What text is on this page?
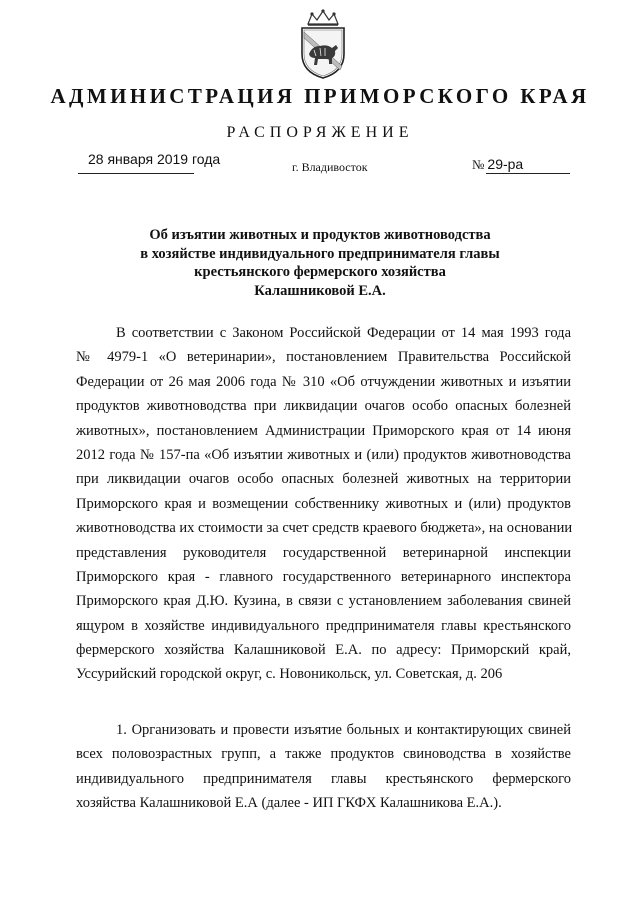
АДМИНИСТРАЦИЯ ПРИМОРСКОГО КРАЯ
РАСПОРЯЖЕНИЕ
28 января 2019 года	г. Владивосток	№ 29-ра
Об изъятии животных и продуктов животноводства
в хозяйстве индивидуального предпринимателя главы
крестьянского фермерского хозяйства
Калашниковой Е.А.
В соответствии с Законом Российской Федерации от 14 мая 1993 года
№ 4979-1 «О ветеринарии», постановлением Правительства Российской
Федерации от 26 мая 2006 года № 310 «Об отчуждении животных и изъятии
продуктов животноводства при ликвидации очагов особо опасных болезней
животных», постановлением Администрации Приморского края от 14 июня
2012 года № 157-па «Об изъятии животных и (или) продуктов животноводства
при ликвидации очагов особо опасных болезней животных на территории
Приморского края и возмещении собственнику животных и (или) продуктов
животноводства их стоимости за счет средств краевого бюджета», на основании
представления руководителя государственной ветеринарной инспекции
Приморского края - главного государственного ветеринарного инспектора
Приморского края Д.Ю. Кузина, в связи с установлением заболевания свиней
ящуром в хозяйстве индивидуального предпринимателя главы крестьянского
фермерского хозяйства Калашниковой Е.А. по адресу: Приморский край,
Уссурийский городской округ, с. Новоникольск, ул. Советская, д. 206
1. Организовать и провести изъятие больных и контактирующих свиней
всех половозрастных групп, а также продуктов свиноводства в хозяйстве
индивидуального предпринимателя главы крестьянского фермерского
хозяйства Калашниковой Е.А (далее - ИП ГКФХ Калашникова Е.А.).
